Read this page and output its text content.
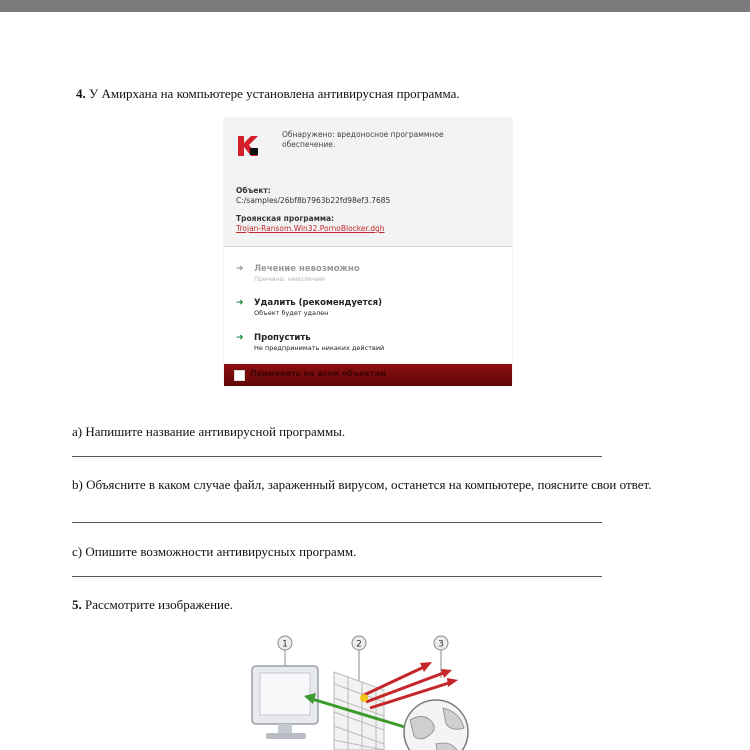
4. У Амирхана на компьютере установлена антивирусная программа.
Обнаружено: вредоносное программное обеспечение.
Объект:
C:/samples/26bf8b7963b22fd98ef3.7685
Троянская программа:
Trojan-Ransom.Win32.PornoBlocker.dgh
➜ Лечение невозможно
Причина: неизлечим
➜ Удалить (рекомендуется)
Объект будет удален
➜ Пропустить
Не предпринимать никаких действий
Применить ко всем объектам
a) Напишите название антивирусной программы.
b) Объясните в каком случае файл, зараженный вирусом, останется на компьютере, поясните свои ответ.
c) Опишите возможности антивирусных программ.
5. Рассмотрите изображение.
1	2	3
